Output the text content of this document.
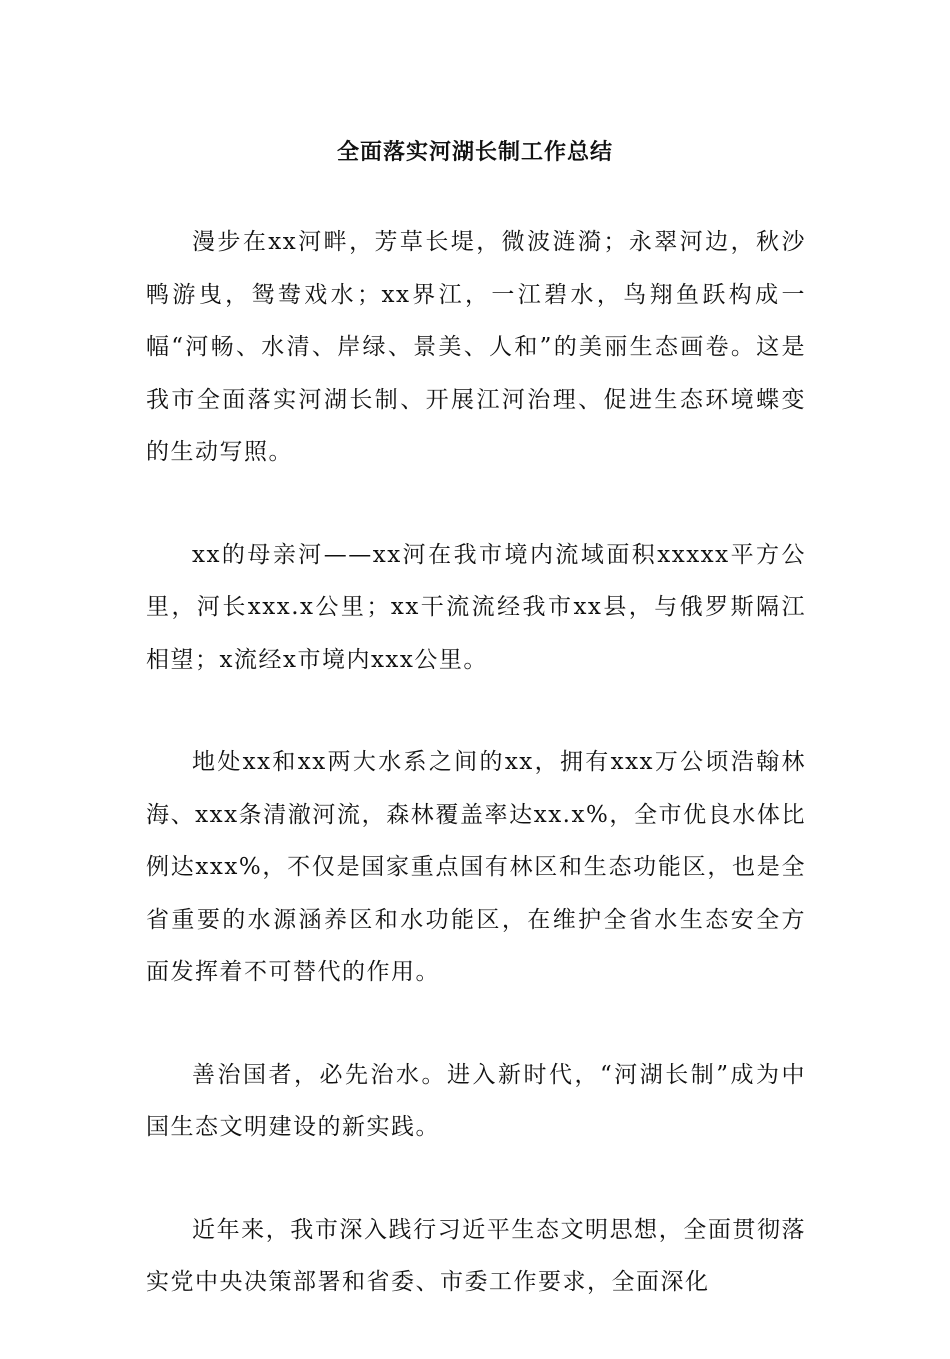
全面落实河湖长制工作总结

漫步在xx河畔，芳草长堤，微波涟漪；永翠河边，秋沙鸭游曳，鸳鸯戏水；xx界江，一江碧水，鸟翔鱼跃构成一幅“河畅、水清、岸绿、景美、人和”的美丽生态画卷。这是我市全面落实河湖长制、开展江河治理、促进生态环境蝶变的生动写照。

xx的母亲河——xx河在我市境内流域面积xxxxx平方公里，河长xxx.x公里；xx干流流经我市xx县，与俄罗斯隔江相望；x流经x市境内xxx公里。

地处xx和xx两大水系之间的xx，拥有xxx万公顷浩翰林海、xxx条清澈河流，森林覆盖率达xx.x%，全市优良水体比例达xxx%，不仅是国家重点国有林区和生态功能区，也是全省重要的水源涵养区和水功能区，在维护全省水生态安全方面发挥着不可替代的作用。

善治国者，必先治水。进入新时代，“河湖长制”成为中国生态文明建设的新实践。

近年来，我市深入践行习近平生态文明思想，全面贯彻落实党中央决策部署和省委、市委工作要求，全面深化
